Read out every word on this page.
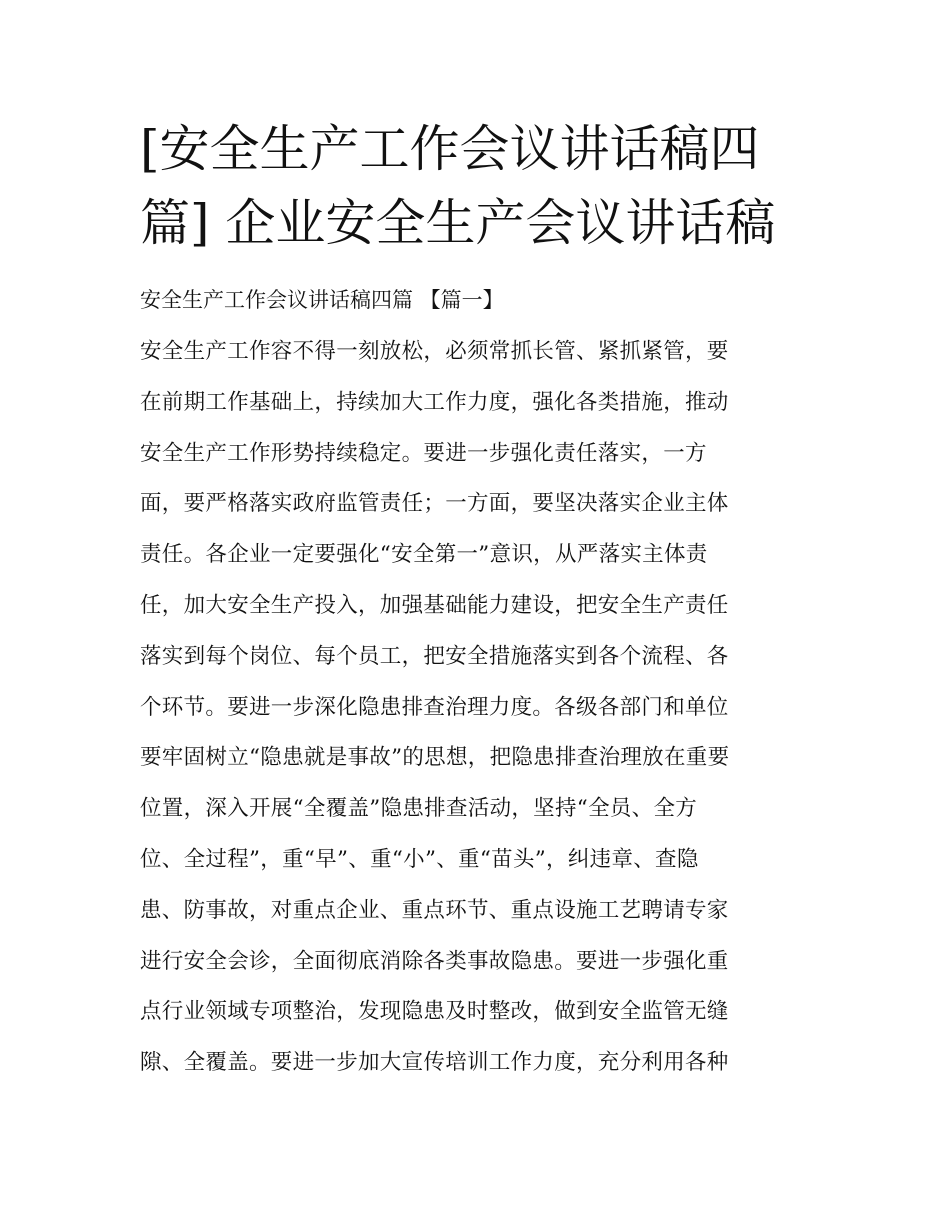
[安全生产工作会议讲话稿四
篇] 企业安全生产会议讲话稿

安全生产工作会议讲话稿四篇 【篇一】

安全生产工作容不得一刻放松，必须常抓长管、紧抓紧管，要
在前期工作基础上，持续加大工作力度，强化各类措施，推动
安全生产工作形势持续稳定。要进一步强化责任落实，一方
面，要严格落实政府监管责任；一方面，要坚决落实企业主体
责任。各企业一定要强化“安全第一”意识，从严落实主体责
任，加大安全生产投入，加强基础能力建设，把安全生产责任
落实到每个岗位、每个员工，把安全措施落实到各个流程、各
个环节。要进一步深化隐患排查治理力度。各级各部门和单位
要牢固树立“隐患就是事故”的思想，把隐患排查治理放在重要
位置，深入开展“全覆盖”隐患排查活动，坚持“全员、全方
位、全过程”，重“早”、重“小”、重“苗头”，纠违章、查隐
患、防事故，对重点企业、重点环节、重点设施工艺聘请专家
进行安全会诊，全面彻底消除各类事故隐患。要进一步强化重
点行业领域专项整治，发现隐患及时整改，做到安全监管无缝
隙、全覆盖。要进一步加大宣传培训工作力度，充分利用各种
